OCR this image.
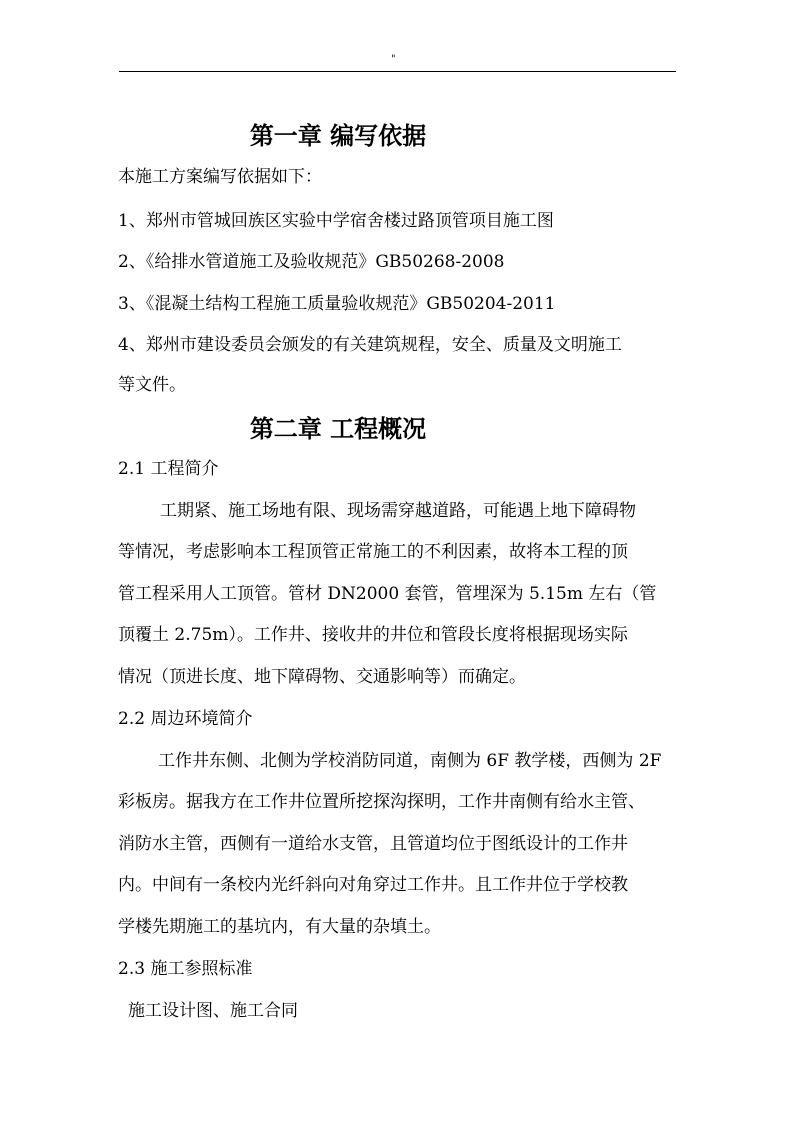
"
第一章 编写依据
本施工方案编写依据如下：
1、郑州市管城回族区实验中学宿舍楼过路顶管项目施工图
2、《给排水管道施工及验收规范》GB50268-2008
3、《混凝土结构工程施工质量验收规范》GB50204-2011
4、郑州市建设委员会颁发的有关建筑规程，安全、质量及文明施工
等文件。
第二章 工程概况
2.1 工程简介
工期紧、施工场地有限、现场需穿越道路，可能遇上地下障碍物
等情况，考虑影响本工程顶管正常施工的不利因素，故将本工程的顶
管工程采用人工顶管。管材 DN2000 套管，管埋深为 5.15m 左右（管
顶覆土 2.75m）。工作井、接收井的井位和管段长度将根据现场实际
情况（顶进长度、地下障碍物、交通影响等）而确定。
2.2 周边环境简介
工作井东侧、北侧为学校消防同道，南侧为 6F 教学楼，西侧为 2F
彩板房。据我方在工作井位置所挖探沟探明，工作井南侧有给水主管、
消防水主管，西侧有一道给水支管，且管道均位于图纸设计的工作井
内。中间有一条校内光纤斜向对角穿过工作井。且工作井位于学校教
学楼先期施工的基坑内，有大量的杂填土。
2.3 施工参照标准
施工设计图、施工合同
